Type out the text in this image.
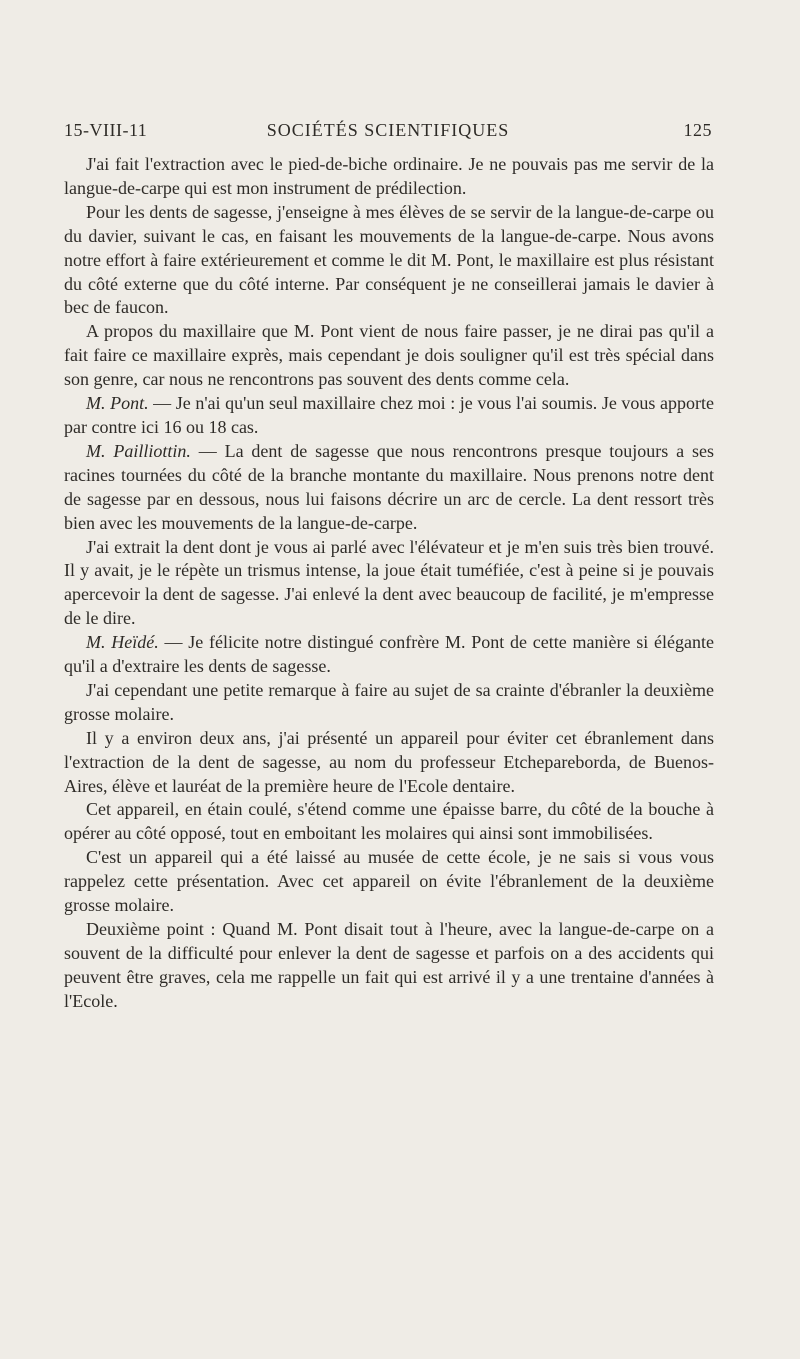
15-VIII-11	SOCIÉTÉS SCIENTIFIQUES	125

J'ai fait l'extraction avec le pied-de-biche ordinaire. Je ne pouvais pas me servir de la langue-de-carpe qui est mon instrument de prédilection.

Pour les dents de sagesse, j'enseigne à mes élèves de se servir de la langue-de-carpe ou du davier, suivant le cas, en faisant les mouvements de la langue-de-carpe. Nous avons notre effort à faire extérieurement et comme le dit M. Pont, le maxillaire est plus résistant du côté externe que du côté interne. Par conséquent je ne conseillerai jamais le davier à bec de faucon.

A propos du maxillaire que M. Pont vient de nous faire passer, je ne dirai pas qu'il a fait faire ce maxillaire exprès, mais cependant je dois souligner qu'il est très spécial dans son genre, car nous ne rencontrons pas souvent des dents comme cela.

M. Pont. — Je n'ai qu'un seul maxillaire chez moi : je vous l'ai soumis. Je vous apporte par contre ici 16 ou 18 cas.

M. Pailliottin. — La dent de sagesse que nous rencontrons presque toujours a ses racines tournées du côté de la branche montante du maxillaire. Nous prenons notre dent de sagesse par en dessous, nous lui faisons décrire un arc de cercle. La dent ressort très bien avec les mouvements de la langue-de-carpe.

J'ai extrait la dent dont je vous ai parlé avec l'élévateur et je m'en suis très bien trouvé. Il y avait, je le répète un trismus intense, la joue était tuméfiée, c'est à peine si je pouvais apercevoir la dent de sagesse. J'ai enlevé la dent avec beaucoup de facilité, je m'empresse de le dire.

M. Heïdé. — Je félicite notre distingué confrère M. Pont de cette manière si élégante qu'il a d'extraire les dents de sagesse.

J'ai cependant une petite remarque à faire au sujet de sa crainte d'ébranler la deuxième grosse molaire.

Il y a environ deux ans, j'ai présenté un appareil pour éviter cet ébranlement dans l'extraction de la dent de sagesse, au nom du professeur Etchepareborda, de Buenos-Aires, élève et lauréat de la première heure de l'Ecole dentaire.

Cet appareil, en étain coulé, s'étend comme une épaisse barre, du côté de la bouche à opérer au côté opposé, tout en emboitant les molaires qui ainsi sont immobilisées.

C'est un appareil qui a été laissé au musée de cette école, je ne sais si vous vous rappelez cette présentation. Avec cet appareil on évite l'ébranlement de la deuxième grosse molaire.

Deuxième point : Quand M. Pont disait tout à l'heure, avec la langue-de-carpe on a souvent de la difficulté pour enlever la dent de sagesse et parfois on a des accidents qui peuvent être graves, cela me rappelle un fait qui est arrivé il y a une trentaine d'années à l'Ecole.
